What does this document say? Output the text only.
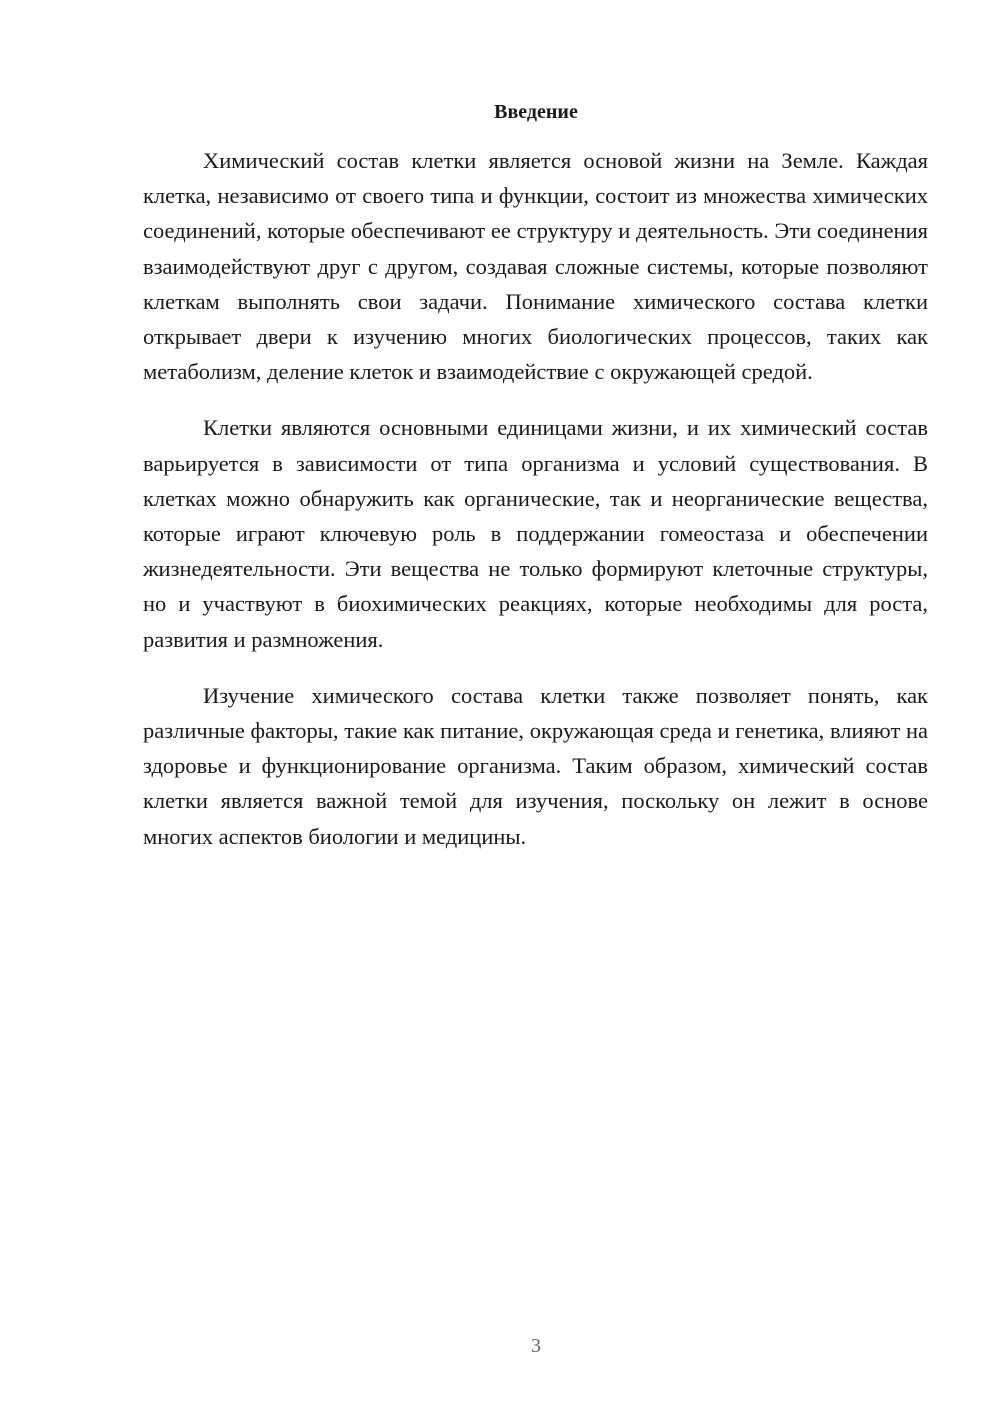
Введение

Химический состав клетки является основой жизни на Земле. Каждая клетка, независимо от своего типа и функции, состоит из множества химических соединений, которые обеспечивают ее структуру и деятельность. Эти соединения взаимодействуют друг с другом, создавая сложные системы, которые позволяют клеткам выполнять свои задачи. Понимание химического состава клетки открывает двери к изучению многих биологических процессов, таких как метаболизм, деление клеток и взаимодействие с окружающей средой.

Клетки являются основными единицами жизни, и их химический состав варьируется в зависимости от типа организма и условий существования. В клетках можно обнаружить как органические, так и неорганические вещества, которые играют ключевую роль в поддержании гомеостаза и обеспечении жизнедеятельности. Эти вещества не только формируют клеточные структуры, но и участвуют в биохимических реакциях, которые необходимы для роста, развития и размножения.

Изучение химического состава клетки также позволяет понять, как различные факторы, такие как питание, окружающая среда и генетика, влияют на здоровье и функционирование организма. Таким образом, химический состав клетки является важной темой для изучения, поскольку он лежит в основе многих аспектов биологии и медицины.

3
